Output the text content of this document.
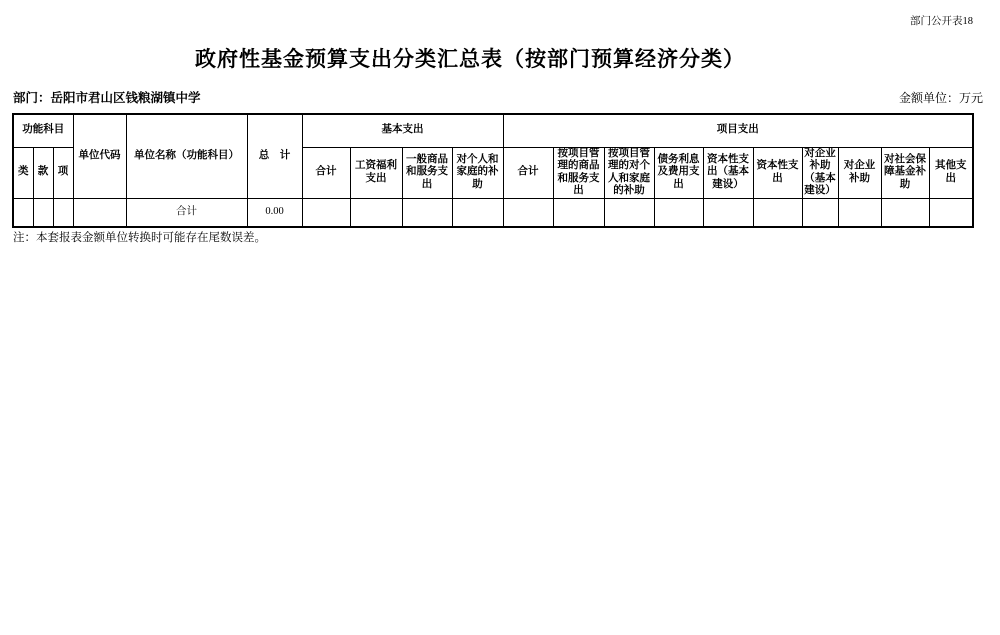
部门公开表18
政府性基金预算支出分类汇总表（按部门预算经济分类）
部门：岳阳市君山区钱粮湖镇中学	金额单位：万元
功能科目			单位代码	单位名称（功能科目）	总　计	基本支出				项目支出									
类	款	项				合计	工资福利支出	一般商品和服务支出	对个人和家庭的补助	合计	按项目管理的商品和服务支出	按项目管理的对个人和家庭的补助	债务利息及费用支出	资本性支出（基本建设）	资本性支出	对企业补助（基本建设）	对企业补助	对社会保障基金补助	其他支出
				合计	0.00														
注：本套报表金额单位转换时可能存在尾数误差。
